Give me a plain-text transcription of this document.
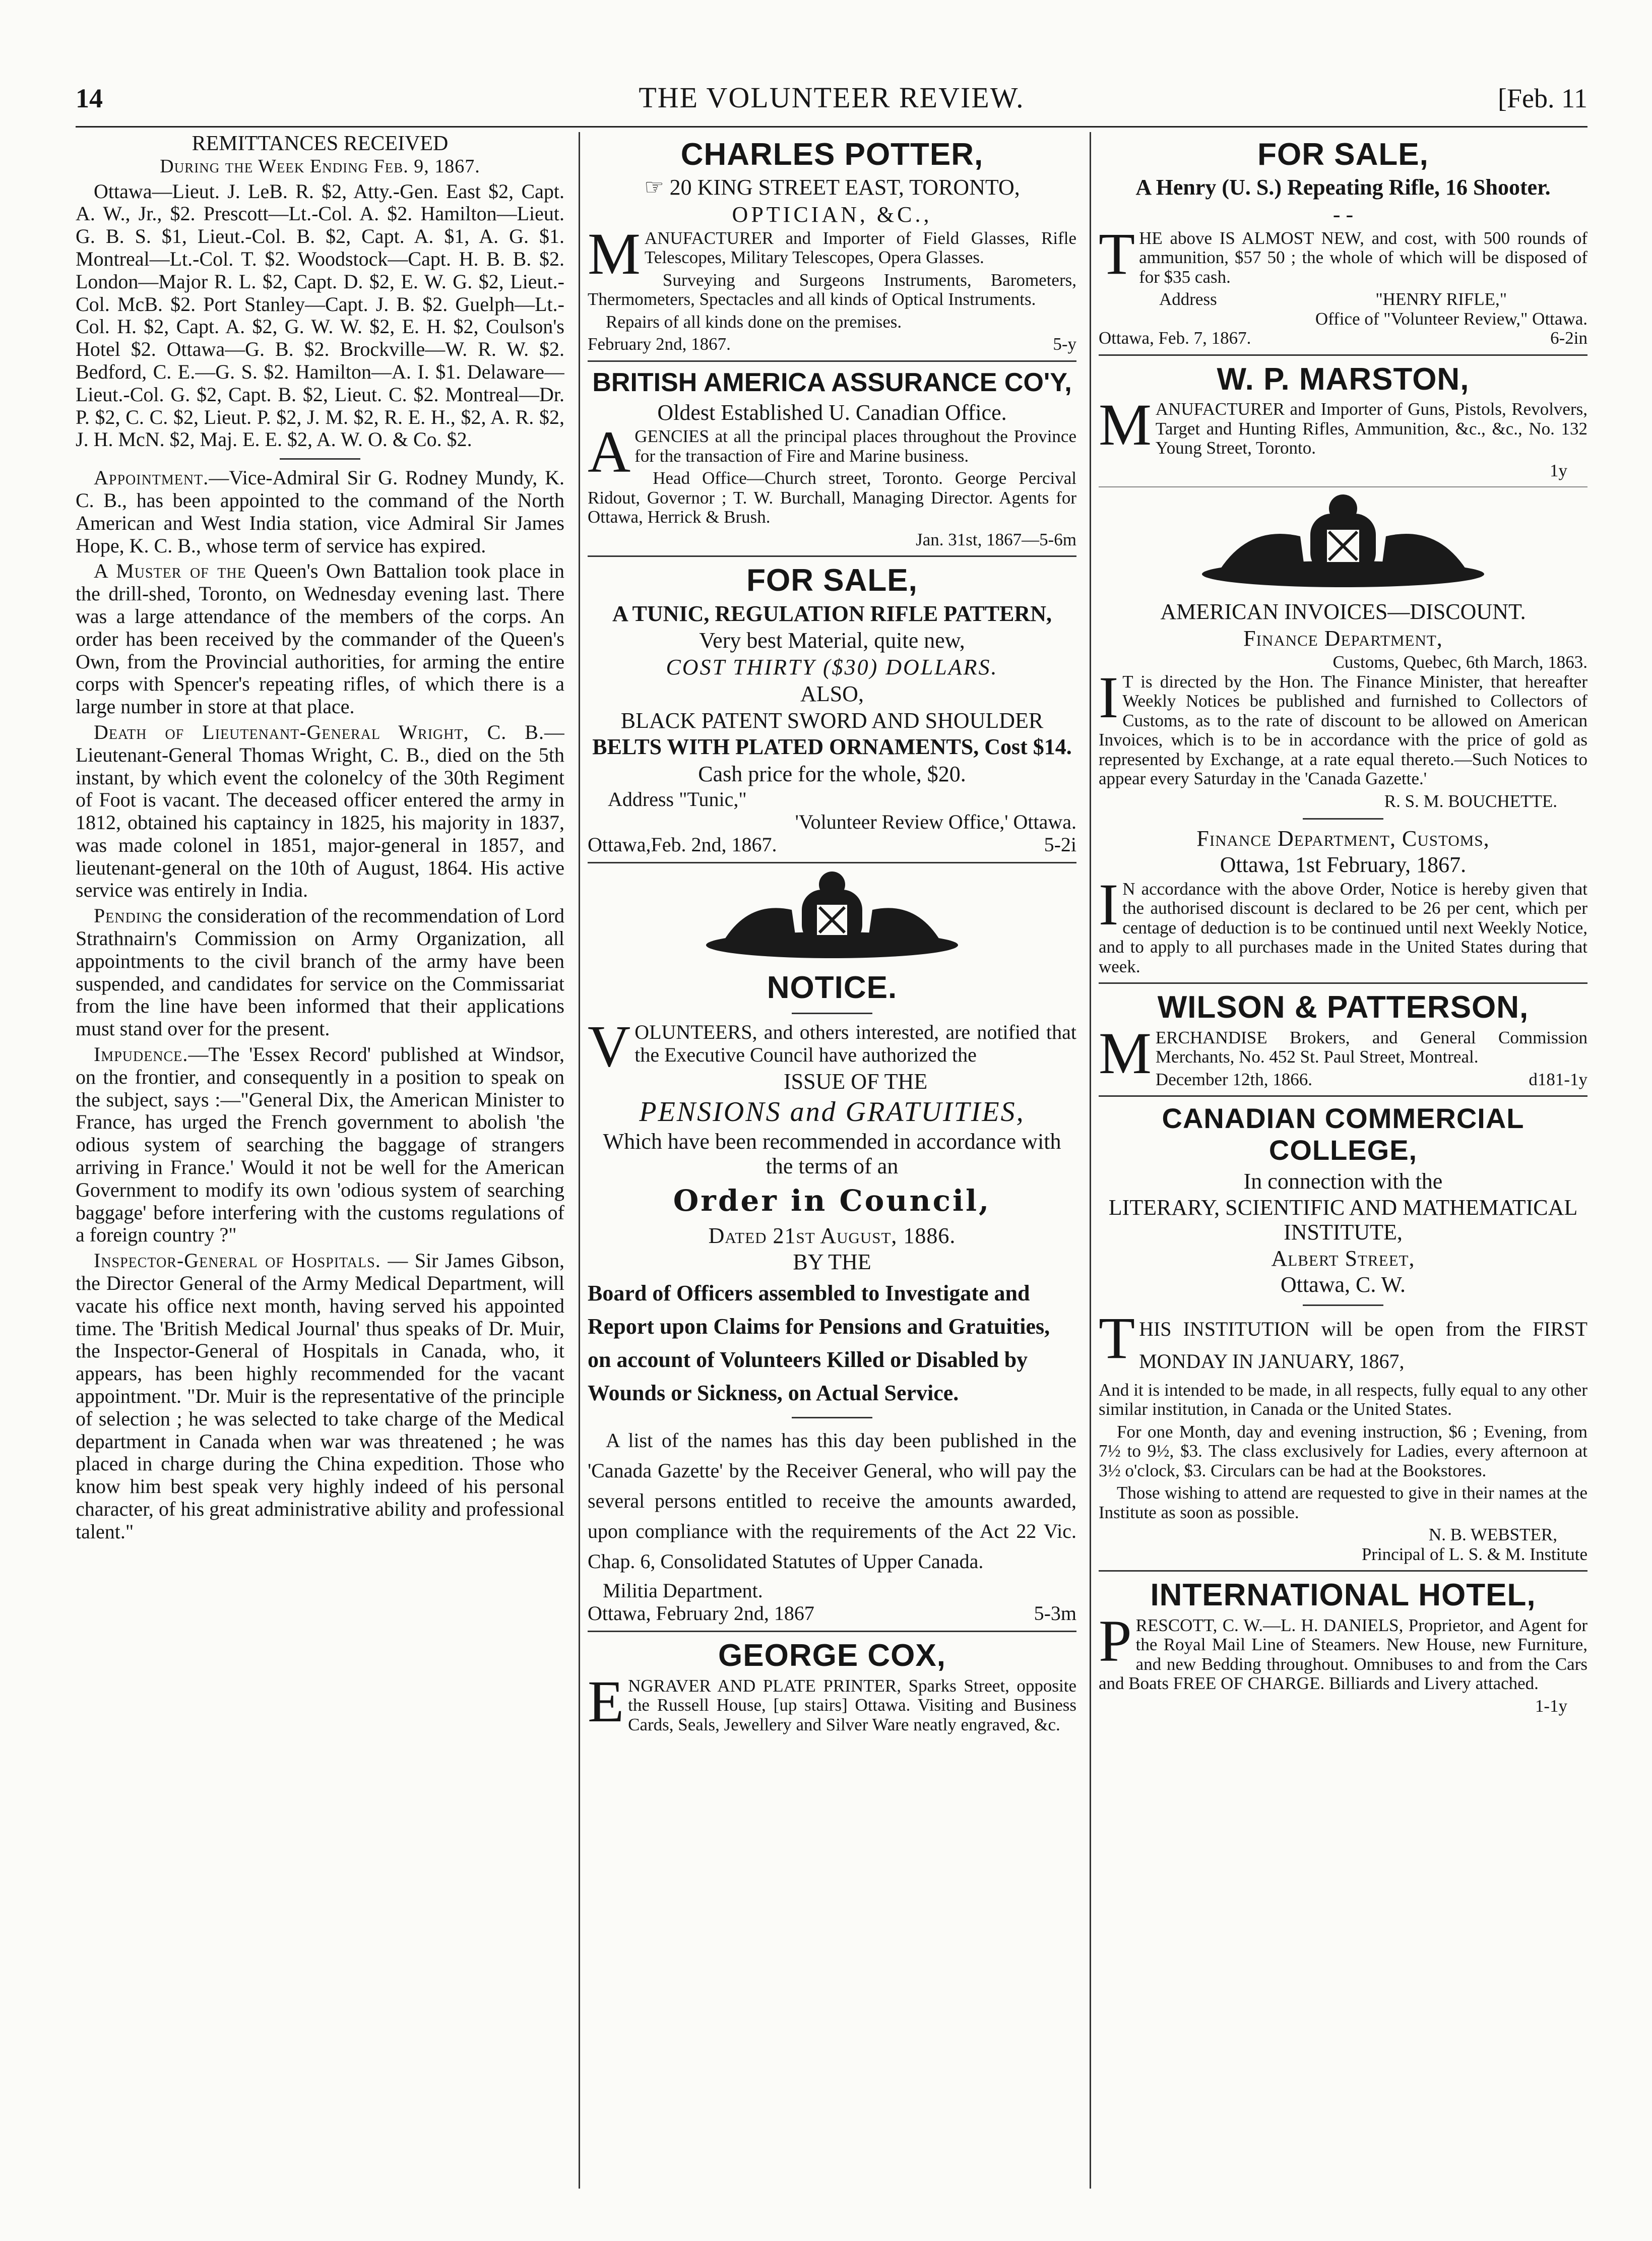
14	THE VOLUNTEER REVIEW.	[Feb. 11
REMITTANCES RECEIVED
During the Week Ending Feb. 9, 1867.

Ottawa—Lieut. J. LeB. R. $2, Atty.-Gen. East $2, Capt. A. W., Jr., $2. Prescott—Lt.-Col. A. $2. Hamilton—Lieut. G. B. S. $1, Lieut.-Col. B. $2, Capt. A. $1, A. G. $1. Montreal—Lt.-Col. T. $2. Woodstock—Capt. H. B. B. $2. London—Major R. L. $2, Capt. D. $2, E. W. G. $2, Lieut.-Col. McB. $2. Port Stanley—Capt. J. B. $2. Guelph—Lt.-Col. H. $2, Capt. A. $2, G. W. W. $2, E. H. $2, Coulson's Hotel $2. Ottawa—G. B. $2. Brockville—W. R. W. $2. Bedford, C. E.—G. S. $2. Hamilton—A. I. $1. Delaware—Lieut.-Col. G. $2, Capt. B. $2, Lieut. C. $2. Montreal—Dr. P. $2, C. C. $2, Lieut. P. $2, J. M. $2, R. E. H., $2, A. R. $2, J. H. McN. $2, Maj. E. E. $2, A. W. O. & Co. $2.

Appointment.—Vice-Admiral Sir G. Rodney Mundy, K. C. B., has been appointed to the command of the North American and West India station, vice Admiral Sir James Hope, K. C. B., whose term of service has expired.

A Muster of the Queen's Own Battalion took place in the drill-shed, Toronto, on Wednesday evening last. There was a large attendance of the members of the corps. An order has been received by the commander of the Queen's Own, from the Provincial authorities, for arming the entire corps with Spencer's repeating rifles, of which there is a large number in store at that place.

Death of Lieutenant-General Wright, C. B.—Lieutenant-General Thomas Wright, C. B., died on the 5th instant, by which event the colonelcy of the 30th Regiment of Foot is vacant. The deceased officer entered the army in 1812, obtained his captaincy in 1825, his majority in 1837, was made colonel in 1851, major-general in 1857, and lieutenant-general on the 10th of August, 1864. His active service was entirely in India.

Pending the consideration of the recommendation of Lord Strathnairn's Commission on Army Organization, all appointments to the civil branch of the army have been suspended, and candidates for service on the Commissariat from the line have been informed that their applications must stand over for the present.

Impudence.—The 'Essex Record' published at Windsor, on the frontier, and consequently in a position to speak on the subject, says :—"General Dix, the American Minister to France, has urged the French government to abolish 'the odious system of searching the baggage of strangers arriving in France.' Would it not be well for the American Government to modify its own 'odious system of searching baggage' before interfering with the customs regulations of a foreign country ?"

Inspector-General of Hospitals. — Sir James Gibson, the Director General of the Army Medical Department, will vacate his office next month, having served his appointed time. The 'British Medical Journal' thus speaks of Dr. Muir, the Inspector-General of Hospitals in Canada, who, it appears, has been highly recommended for the vacant appointment. "Dr. Muir is the representative of the principle of selection ; he was selected to take charge of the Medical department in Canada when war was threatened ; he was placed in charge during the China expedition. Those who know him best speak very highly indeed of his personal character, of his great administrative ability and professional talent."

CHARLES POTTER,
☞ 20 KING STREET EAST, TORONTO,
OPTICIAN, &C.,

MANUFACTURER and Importer of Field Glasses, Rifle Telescopes, Military Telescopes, Opera Glasses.

Surveying and Surgeons Instruments, Barometers, Thermometers, Spectacles and all kinds of Optical Instruments.

Repairs of all kinds done on the premises.

February 2nd, 1867.	5-y
BRITISH AMERICA ASSURANCE CO'Y,
Oldest Established U. Canadian Office.

AGENCIES at all the principal places throughout the Province for the transaction of Fire and Marine business.

Head Office—Church street, Toronto. George Percival Ridout, Governor ; T. W. Burchall, Managing Director. Agents for Ottawa, Herrick & Brush.

Jan. 31st, 1867—5-6m
FOR SALE,
A TUNIC, REGULATION RIFLE PATTERN,
Very best Material, quite new,
COST THIRTY ($30) DOLLARS.
ALSO,
BLACK PATENT SWORD AND SHOULDER
BELTS WITH PLATED ORNAMENTS, Cost $14.
Cash price for the whole, $20.
Address "Tunic,"
'Volunteer Review Office,' Ottawa.
Ottawa,Feb. 2nd, 1867.	5-2i
NOTICE.

VOLUNTEERS, and others interested, are notified that the Executive Council have authorized the

ISSUE OF THE
PENSIONS and GRATUITIES,
Which have been recommended in accordance with the terms of an
Order in Council,
Dated 21st August, 1886.
BY THE

Board of Officers assembled to Investigate and Report upon Claims for Pensions and Gratuities, on account of Volunteers Killed or Disabled by Wounds or Sickness, on Actual Service.

A list of the names has this day been published in the 'Canada Gazette' by the Receiver General, who will pay the several persons entitled to receive the amounts awarded, upon compliance with the requirements of the Act 22 Vic. Chap. 6, Consolidated Statutes of Upper Canada.

Militia Department.
Ottawa, February 2nd, 1867	5-3m
GEORGE COX,

ENGRAVER AND PLATE PRINTER, Sparks Street, opposite the Russell House, [up stairs] Ottawa. Visiting and Business Cards, Seals, Jewellery and Silver Ware neatly engraved, &c.

FOR SALE,
A Henry (U. S.) Repeating Rifle, 16 Shooter.
- -

THE above IS ALMOST NEW, and cost, with 500 rounds of ammunition, $57 50 ; the whole of which will be disposed of for $35 cash.

Address	"HENRY RIFLE,"
Office of "Volunteer Review," Ottawa.
Ottawa, Feb. 7, 1867.	6-2in
W. P. MARSTON,

MANUFACTURER and Importer of Guns, Pistols, Revolvers, Target and Hunting Rifles, Ammunition, &c., &c., No. 132 Young Street, Toronto.

1y
AMERICAN INVOICES—DISCOUNT.
Finance Department,
Customs, Quebec, 6th March, 1863.

IT is directed by the Hon. The Finance Minister, that hereafter Weekly Notices be published and furnished to Collectors of Customs, as to the rate of discount to be allowed on American Invoices, which is to be in accordance with the price of gold as represented by Exchange, at a rate equal thereto.—Such Notices to appear every Saturday in the 'Canada Gazette.'

R. S. M. BOUCHETTE.
Finance Department, Customs,
Ottawa, 1st February, 1867.

IN accordance with the above Order, Notice is hereby given that the authorised discount is declared to be 26 per cent, which per centage of deduction is to be continued until next Weekly Notice, and to apply to all purchases made in the United States during that week.

WILSON & PATTERSON,

MERCHANDISE Brokers, and General Commission Merchants, No. 452 St. Paul Street, Montreal.

December 12th, 1866.	d181-1y
CANADIAN COMMERCIAL COLLEGE,
In connection with the
LITERARY, SCIENTIFIC AND MATHEMATICAL INSTITUTE,
Albert Street,
Ottawa, C. W.

THIS INSTITUTION will be open from the FIRST MONDAY IN JANUARY, 1867,

And it is intended to be made, in all respects, fully equal to any other similar institution, in Canada or the United States.

For one Month, day and evening instruction, $6 ; Evening, from 7½ to 9½, $3. The class exclusively for Ladies, every afternoon at 3½ o'clock, $3. Circulars can be had at the Bookstores.

Those wishing to attend are requested to give in their names at the Institute as soon as possible.

N. B. WEBSTER,
Principal of L. S. & M. Institute
INTERNATIONAL HOTEL,

PRESCOTT, C. W.—L. H. DANIELS, Proprietor, and Agent for the Royal Mail Line of Steamers. New House, new Furniture, and new Bedding throughout. Omnibuses to and from the Cars and Boats FREE OF CHARGE. Billiards and Livery attached.

1-1y
